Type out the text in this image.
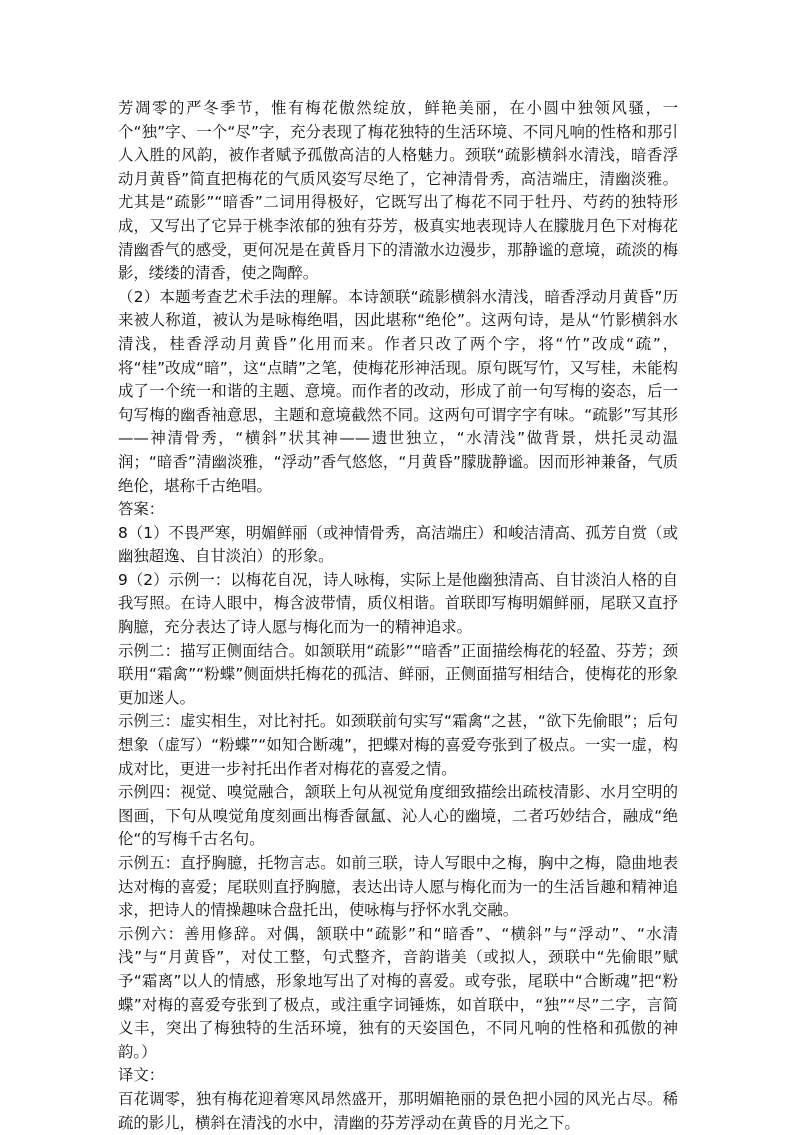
芳凋零的严冬季节，惟有梅花傲然绽放，鲜艳美丽，在小圆中独领风骚，一个“独”字、一个“尽”字，充分表现了梅花独特的生活环境、不同凡响的性格和那引人入胜的风韵，被作者赋予孤傲高洁的人格魅力。颈联“疏影横斜水清浅，暗香浮动月黄昏”简直把梅花的气质风姿写尽绝了，它神清骨秀，高洁端庄，清幽淡雅。尤其是“疏影”“暗香”二词用得极好，它既写出了梅花不同于牡丹、芍药的独特形成，又写出了它异于桃李浓郁的独有芬芳，极真实地表现诗人在朦胧月色下对梅花清幽香气的感受，更何况是在黄昏月下的清澈水边漫步，那静谧的意境，疏淡的梅影，缕缕的清香，使之陶醉。

（2）本题考查艺术手法的理解。本诗颔联“疏影横斜水清浅，暗香浮动月黄昏”历来被人称道，被认为是咏梅绝唱，因此堪称“绝伦”。这两句诗，是从“竹影横斜水清浅，桂香浮动月黄昏”化用而来。作者只改了两个字，将“竹”改成“疏”，将“桂”改成“暗”，这“点睛”之笔，使梅花形神活现。原句既写竹，又写桂，未能构成了一个统一和谐的主题、意境。而作者的改动，形成了前一句写梅的姿态，后一句写梅的幽香袖意思，主题和意境截然不同。这两句可谓字字有味。“疏影”写其形——神清骨秀，“横斜”状其神——遗世独立，“水清浅”做背景，烘托灵动温润；“暗香”清幽淡雅，“浮动”香气悠悠，“月黄昏”朦胧静谧。因而形神兼备，气质绝伦，堪称千古绝唱。

答案：

8（1）不畏严寒，明媚鲜丽（或神情骨秀，高洁端庄）和峻洁清高、孤芳自赏（或幽独超逸、自甘淡泊）的形象。

9（2）示例一：以梅花自况，诗人咏梅，实际上是他幽独清高、自甘淡泊人格的自我写照。在诗人眼中，梅含波带情，质仪相谐。首联即写梅明媚鲜丽，尾联又直抒胸臆，充分表达了诗人愿与梅化而为一的精神追求。

示例二：描写正侧面结合。如颔联用“疏影”“暗香”正面描绘梅花的轻盈、芬芳；颈联用“霜禽”“粉蝶”侧面烘托梅花的孤洁、鲜丽，正侧面描写相结合，使梅花的形象更加迷人。

示例三：虚实相生，对比衬托。如颈联前句实写“霜禽“之甚，“欲下先偷眼”；后句想象（虚写）“粉蝶”“如知合断魂”，把蝶对梅的喜爱夸张到了极点。一实一虚，构成对比，更进一步衬托出作者对梅花的喜爱之情。

示例四：视觉、嗅觉融合，颔联上句从视觉角度细致描绘出疏枝清影、水月空明的图画，下句从嗅觉角度刻画出梅香氤氲、沁人心的幽境，二者巧妙结合，融成“绝伦“的写梅千古名句。

示例五：直抒胸臆，托物言志。如前三联，诗人写眼中之梅，胸中之梅，隐曲地表达对梅的喜爱；尾联则直抒胸臆，表达出诗人愿与梅化而为一的生活旨趣和精神追求，把诗人的情操趣味合盘托出，使咏梅与抒怀水乳交融。

示例六：善用修辞。对偶，颔联中“疏影”和“暗香”、“横斜”与“浮动”、“水清浅”与“月黄昏”，对仗工整，句式整齐，音韵谐美（或拟人，颈联中“先偷眼”赋予“霜离”以人的情感，形象地写出了对梅的喜爱。或夸张，尾联中“合断魂”把“粉蝶”对梅的喜爱夸张到了极点，或注重字词锤炼，如首联中，“独”“尽”二字，言简义丰，突出了梅独特的生活环境，独有的天姿国色，不同凡响的性格和孤傲的神韵。）

译文：

百花调零，独有梅花迎着寒风昂然盛开，那明媚艳丽的景色把小园的风光占尽。稀疏的影儿，横斜在清浅的水中，清幽的芬芳浮动在黄昏的月光之下。
